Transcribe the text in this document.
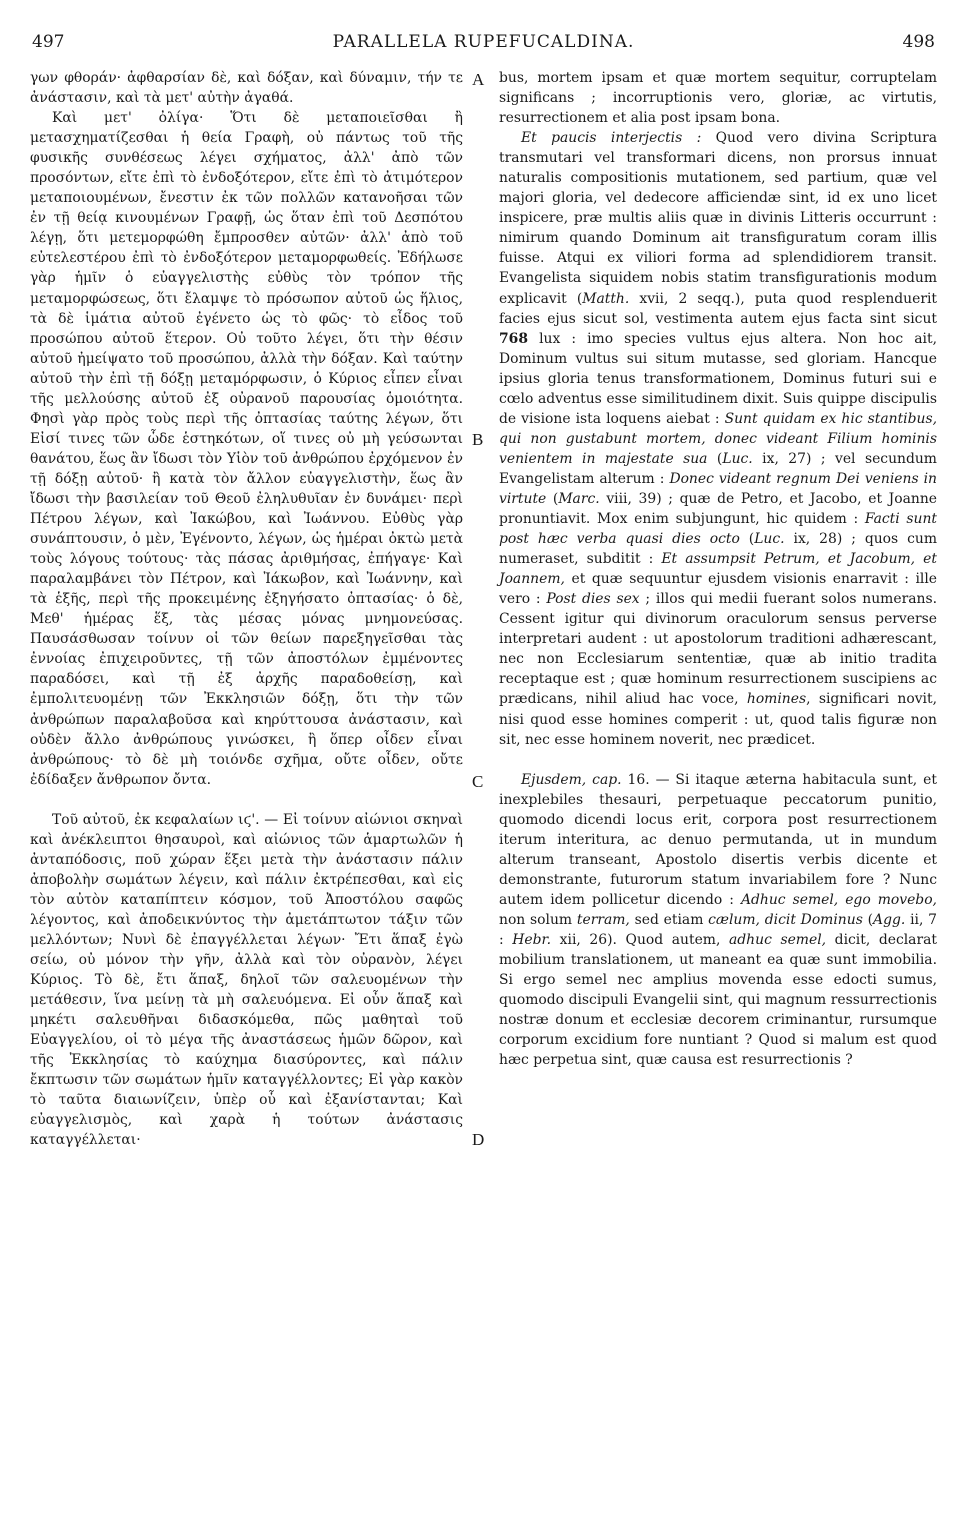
497	PARALLELA RUPEFUCALDINA.	498
A
B
C
D

γων φθοράν· ἀφθαρσίαν δὲ, καὶ δόξαν, καὶ δύναμιν, τήν τε ἀνάστασιν, καὶ τὰ μετ' αὐτὴν ἀγαθά.

Καὶ μετ' ὀλίγα· Ὅτι δὲ μεταποιεῖσθαι ἢ μετασχηματίζεσθαι ἡ θεία Γραφὴ, οὐ πάντως τοῦ τῆς φυσικῆς συνθέσεως λέγει σχήματος, ἀλλ' ἀπὸ τῶν προσόντων, εἴτε ἐπὶ τὸ ἐνδοξότερον, εἴτε ἐπὶ τὸ ἀτιμότερον μεταποιουμένων, ἔνεστιν ἐκ τῶν πολλῶν κατανοῆσαι τῶν ἐν τῇ θείᾳ κινουμένων Γραφῇ, ὡς ὅταν ἐπὶ τοῦ Δεσπότου λέγῃ, ὅτι μετεμορφώθη ἔμπροσθεν αὐτῶν· ἀλλ' ἀπὸ τοῦ εὐτελεστέρου ἐπὶ τὸ ἐνδοξότερον μεταμορφωθείς. Ἐδήλωσε γὰρ ἡμῖν ὁ εὐαγγελιστὴς εὐθὺς τὸν τρόπον τῆς μεταμορφώσεως, ὅτι ἔλαμψε τὸ πρόσωπον αὐτοῦ ὡς ἥλιος, τὰ δὲ ἱμάτια αὐτοῦ ἐγένετο ὡς τὸ φῶς· τὸ εἶδος τοῦ προσώπου αὐτοῦ ἕτερον. Οὐ τοῦτο λέγει, ὅτι τὴν θέσιν αὐτοῦ ἠμείψατο τοῦ προσώπου, ἀλλὰ τὴν δόξαν. Καὶ ταύτην αὐτοῦ τὴν ἐπὶ τῇ δόξῃ μεταμόρφωσιν, ὁ Κύριος εἶπεν εἶναι τῆς μελλούσης αὐτοῦ ἐξ οὐρανοῦ παρουσίας ὁμοιότητα. Φησὶ γὰρ πρὸς τοὺς περὶ τῆς ὀπτασίας ταύτης λέγων, ὅτι Εἰσί τινες τῶν ὧδε ἑστηκότων, οἵ τινες οὐ μὴ γεύσωνται θανάτου, ἕως ἂν ἴδωσι τὸν Υἱὸν τοῦ ἀνθρώπου ἐρχόμενον ἐν τῇ δόξῃ αὐτοῦ· ἢ κατὰ τὸν ἄλλον εὐαγγελιστὴν, ἕως ἂν ἴδωσι τὴν βασιλείαν τοῦ Θεοῦ ἐληλυθυῖαν ἐν δυνάμει· περὶ Πέτρου λέγων, καὶ Ἰακώβου, καὶ Ἰωάννου. Εὐθὺς γὰρ συνάπτουσιν, ὁ μὲν, Ἐγένοντο, λέγων, ὡς ἡμέραι ὀκτὼ μετὰ τοὺς λόγους τούτους· τὰς πάσας ἀριθμήσας, ἐπήγαγε· Καὶ παραλαμβάνει τὸν Πέτρον, καὶ Ἰάκωβον, καὶ Ἰωάννην, καὶ τὰ ἑξῆς, περὶ τῆς προκειμένης ἐξηγήσατο ὀπτασίας· ὁ δὲ, Μεθ' ἡμέρας ἕξ, τὰς μέσας μόνας μνημονεύσας. Παυσάσθωσαν τοίνυν οἱ τῶν θείων παρεξηγεῖσθαι τὰς ἐννοίας ἐπιχειροῦντες, τῇ τῶν ἀποστόλων ἐμμένοντες παραδόσει, καὶ τῇ ἐξ ἀρχῆς παραδοθείσῃ, καὶ ἐμπολιτευομένῃ τῶν Ἐκκλησιῶν δόξῃ, ὅτι τὴν τῶν ἀνθρώπων παραλαβοῦσα καὶ κηρύττουσα ἀνάστασιν, καὶ οὐδὲν ἄλλο ἀνθρώπους γινώσκει, ἢ ὅπερ οἶδεν εἶναι ἀνθρώπους· τὸ δὲ μὴ τοιόνδε σχῆμα, οὔτε οἶδεν, οὔτε ἐδίδαξεν ἄνθρωπον ὄντα.

Τοῦ αὐτοῦ, ἐκ κεφαλαίων ιϛ'. — Εἰ τοίνυν αἰώνιοι σκηναὶ καὶ ἀνέκλειπτοι θησαυροὶ, καὶ αἰώνιος τῶν ἁμαρτωλῶν ἡ ἀνταπόδοσις, ποῦ χώραν ἕξει μετὰ τὴν ἀνάστασιν πάλιν ἀποβολὴν σωμάτων λέγειν, καὶ πάλιν ἐκτρέπεσθαι, καὶ εἰς τὸν αὐτὸν καταπίπτειν κόσμον, τοῦ Ἀποστόλου σαφῶς λέγοντος, καὶ ἀποδεικνύντος τὴν ἀμετάπτωτον τάξιν τῶν μελλόντων; Νυνὶ δὲ ἐπαγγέλλεται λέγων· Ἔτι ἅπαξ ἐγὼ σείω, οὐ μόνον τὴν γῆν, ἀλλὰ καὶ τὸν οὐρανὸν, λέγει Κύριος. Τὸ δὲ, ἔτι ἅπαξ, δηλοῖ τῶν σαλευομένων τὴν μετάθεσιν, ἵνα μείνῃ τὰ μὴ σαλευόμενα. Εἰ οὖν ἅπαξ καὶ μηκέτι σαλευθῆναι διδασκόμεθα, πῶς μαθηταὶ τοῦ Εὐαγγελίου, οἱ τὸ μέγα τῆς ἀναστάσεως ἡμῶν δῶρον, καὶ τῆς Ἐκκλησίας τὸ καύχημα διασύροντες, καὶ πάλιν ἔκπτωσιν τῶν σωμάτων ἡμῖν καταγγέλλοντες; Εἰ γὰρ κακὸν τὸ ταῦτα διαιωνίζειν, ὑπὲρ οὗ καὶ ἐξανίστανται; Καὶ εὐαγγελισμὸς, καὶ χαρὰ ἡ τούτων ἀνάστασις καταγγέλλεται·

bus, mortem ipsam et quæ mortem sequitur, corruptelam significans ; incorruptionis vero, gloriæ, ac virtutis, resurrectionem et alia post ipsam bona.

Et paucis interjectis : Quod vero divina Scriptura transmutari vel transformari dicens, non prorsus innuat naturalis compositionis mutationem, sed partium, quæ vel majori gloria, vel dedecore afficiendæ sint, id ex uno licet inspicere, præ multis aliis quæ in divinis Litteris occurrunt : nimirum quando Dominum ait transfiguratum coram illis fuisse. Atqui ex viliori forma ad splendidiorem transit. Evangelista siquidem nobis statim transfigurationis modum explicavit (Matth. xvii, 2 seqq.), puta quod resplenduerit facies ejus sicut sol, vestimenta autem ejus facta sint sicut 768 lux : imo species vultus ejus altera. Non hoc ait, Dominum vultus sui situm mutasse, sed gloriam. Hancque ipsius gloria tenus transformationem, Dominus futuri sui e cœlo adventus esse similitudinem dixit. Suis quippe discipulis de visione ista loquens aiebat : Sunt quidam ex hic stantibus, qui non gustabunt mortem, donec videant Filium hominis venientem in majestate sua (Luc. ix, 27) ; vel secundum Evangelistam alterum : Donec videant regnum Dei veniens in virtute (Marc. viii, 39) ; quæ de Petro, et Jacobo, et Joanne pronuntiavit. Mox enim subjungunt, hic quidem : Facti sunt post hæc verba quasi dies octo (Luc. ix, 28) ; quos cum numeraset, subditit : Et assumpsit Petrum, et Jacobum, et Joannem, et quæ sequuntur ejusdem visionis enarravit : ille vero : Post dies sex ; illos qui medii fuerant solos numerans. Cessent igitur qui divinorum oraculorum sensus perverse interpretari audent : ut apostolorum traditioni adhærescant, nec non Ecclesiarum sententiæ, quæ ab initio tradita receptaque est ; quæ hominum resurrectionem suscipiens ac prædicans, nihil aliud hac voce, homines, significari novit, nisi quod esse homines comperit : ut, quod talis figuræ non sit, nec esse hominem noverit, nec prædicet.

Ejusdem, cap. 16. — Si itaque æterna habitacula sunt, et inexplebiles thesauri, perpetuaque peccatorum punitio, quomodo dicendi locus erit, corpora post resurrectionem iterum interitura, ac denuo permutanda, ut in mundum alterum transeant, Apostolo disertis verbis dicente et demonstrante, futurorum statum invariabilem fore ? Nunc autem idem pollicetur dicendo : Adhuc semel, ego movebo, non solum terram, sed etiam cælum, dicit Dominus (Agg. ii, 7 : Hebr. xii, 26). Quod autem, adhuc semel, dicit, declarat mobilium translationem, ut maneant ea quæ sunt immobilia. Si ergo semel nec amplius movenda esse edocti sumus, quomodo discipuli Evangelii sint, qui magnum ressurrectionis nostræ donum et ecclesiæ decorem criminantur, rursumque corporum excidium fore nuntiant ? Quod si malum est quod hæc perpetua sint, quæ causa est resurrectionis ?
